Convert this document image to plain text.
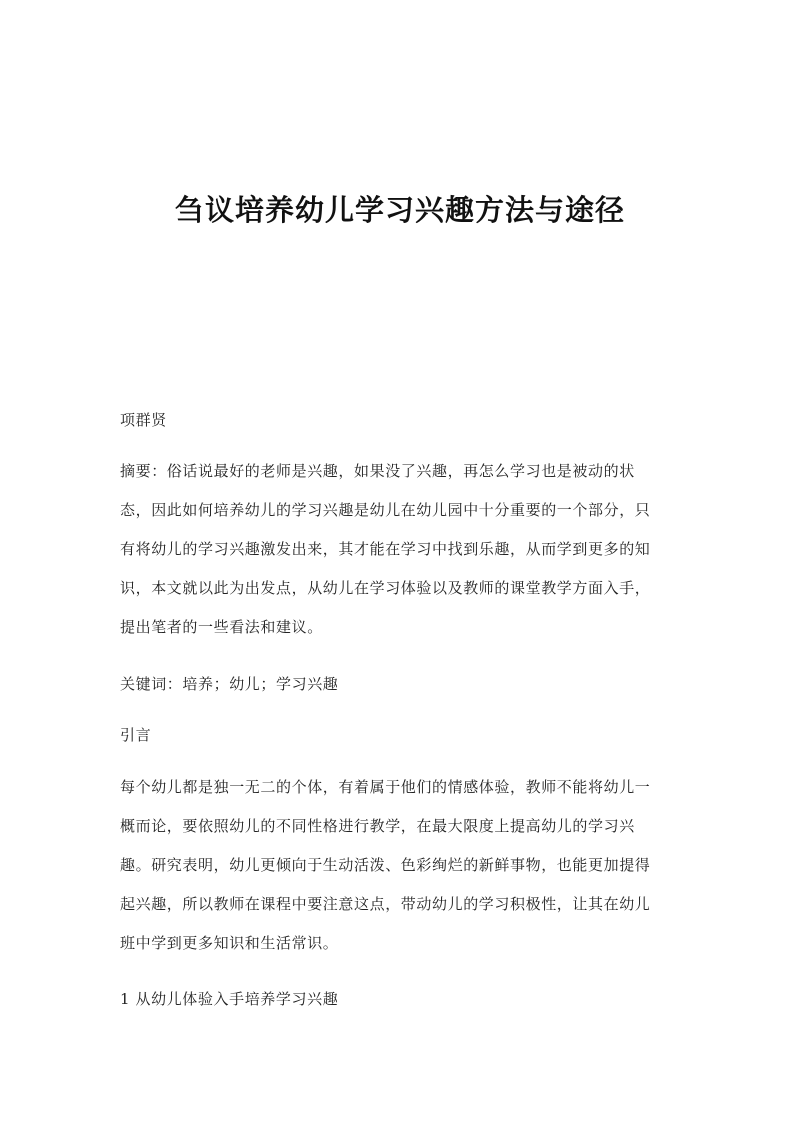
刍议培养幼儿学习兴趣方法与途径
项群贤

摘要：俗话说最好的老师是兴趣，如果没了兴趣，再怎么学习也是被动的状
态，因此如何培养幼儿的学习兴趣是幼儿在幼儿园中十分重要的一个部分，只
有将幼儿的学习兴趣激发出来，其才能在学习中找到乐趣，从而学到更多的知
识，本文就以此为出发点，从幼儿在学习体验以及教师的课堂教学方面入手，
提出笔者的一些看法和建议。

关键词：培养；幼儿；学习兴趣
引言

每个幼儿都是独一无二的个体，有着属于他们的情感体验，教师不能将幼儿一
概而论，要依照幼儿的不同性格进行教学，在最大限度上提高幼儿的学习兴
趣。研究表明，幼儿更倾向于生动活泼、色彩绚烂的新鲜事物，也能更加提得
起兴趣，所以教师在课程中要注意这点，带动幼儿的学习积极性，让其在幼儿
班中学到更多知识和生活常识。

1 从幼儿体验入手培养学习兴趣
